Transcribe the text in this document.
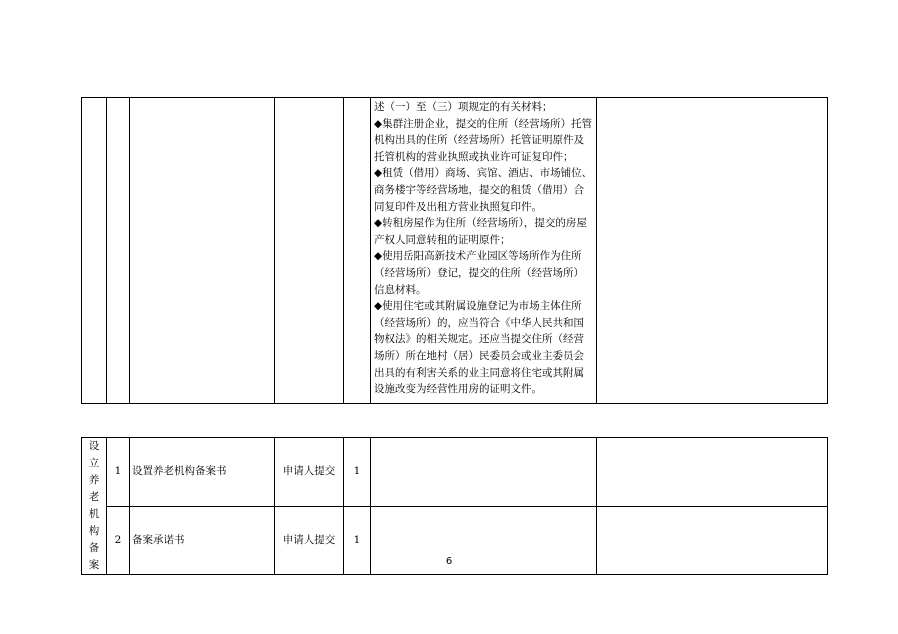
述（一）至（三）项规定的有关材料；
◆集群注册企业，提交的住所（经营场所）托管机构出具的住所（经营场所）托管证明原件及托管机构的营业执照或执业许可证复印件；
◆租赁（借用）商场、宾馆、酒店、市场铺位、商务楼宇等经营场地，提交的租赁（借用）合同复印件及出租方营业执照复印件。
◆转租房屋作为住所（经营场所），提交的房屋产权人同意转租的证明原件；
◆使用岳阳高新技术产业园区等场所作为住所（经营场所）登记，提交的住所（经营场所）信息材料。
◆使用住宅或其附属设施登记为市场主体住所（经营场所）的，应当符合《中华人民共和国物权法》的相关规定。还应当提交住所（经营场所）所在地村（居）民委员会或业主委员会出具的有利害关系的业主同意将住宅或其附属设施改变为经营性用房的证明文件。

设立养老机构备案	1	设置养老机构备案书	申请人提交	1		
	2	备案承诺书	申请人提交	1		
6
